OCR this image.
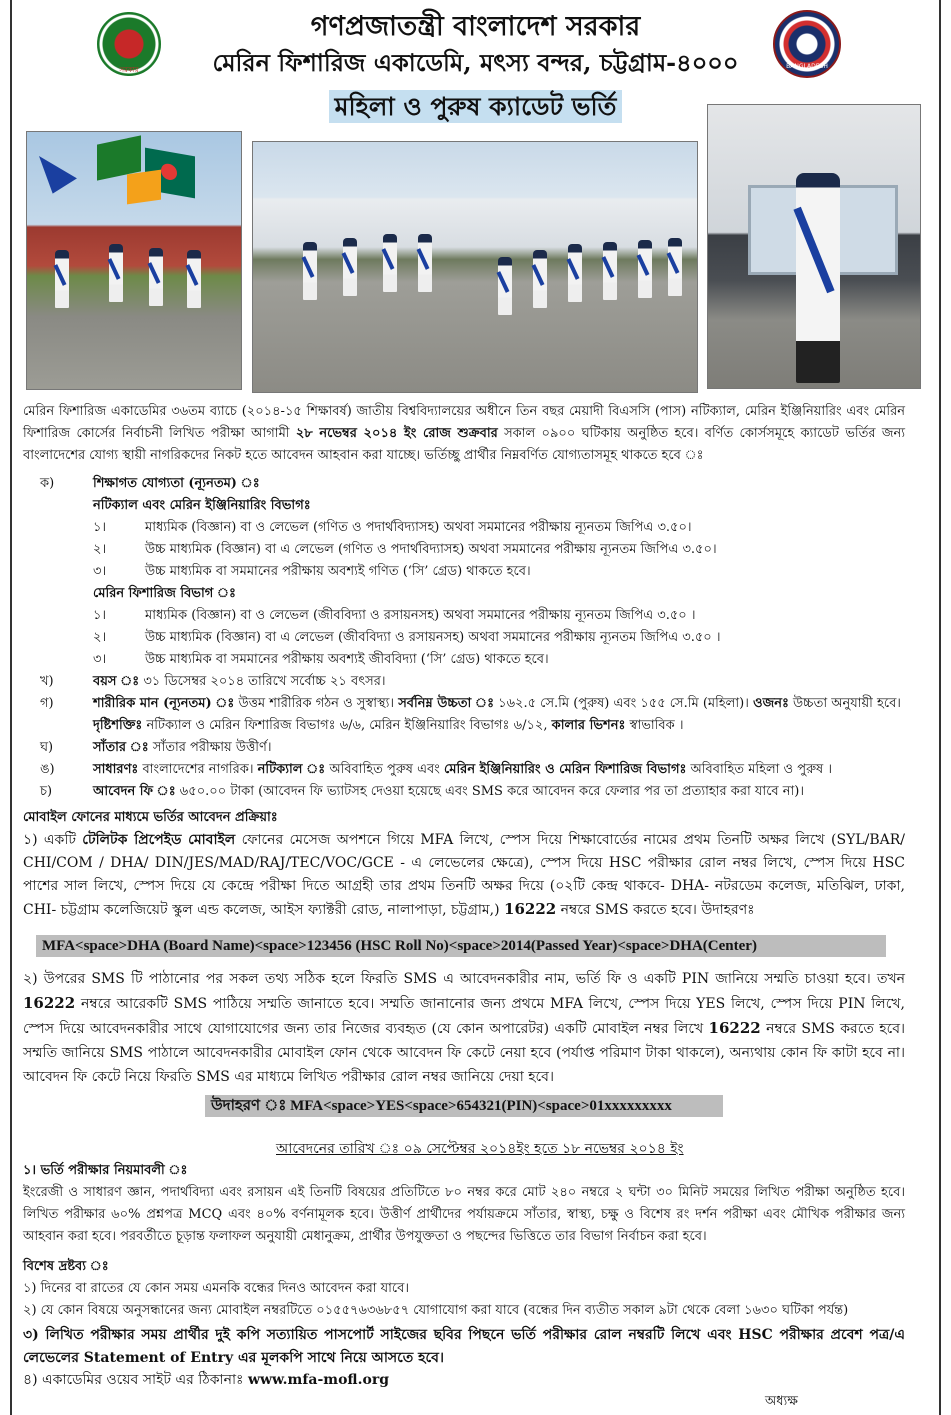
সরকার	BANGLADESH
গণপ্রজাতন্ত্রী বাংলাদেশ সরকার
মেরিন ফিশারিজ একাডেমি, মৎস্য বন্দর, চট্টগ্রাম-৪০০০
মহিলা ও পুরুষ ক্যাডেট ভর্তি
মেরিন ফিশারিজ একাডেমির ৩৬তম ব্যাচে (২০১৪-১৫ শিক্ষাবর্ষ) জাতীয় বিশ্ববিদ্যালয়ের অধীনে তিন বছর মেয়াদী বিএসসি (পাস) নটিক্যাল, মেরিন ইঞ্জিনিয়ারিং এবং মেরিন ফিশারিজ কোর্সের নির্বাচনী লিখিত পরীক্ষা আগামী ২৮ নভেম্বর ২০১৪ ইং রোজ শুক্রবার সকাল ০৯০০ ঘটিকায় অনুষ্ঠিত হবে। বর্ণিত কোর্সসমূহে ক্যাডেট ভর্তির জন্য বাংলাদেশের যোগ্য স্থায়ী নাগরিকদের নিকট হতে আবেদন আহবান করা যাচ্ছে। ভর্তিচ্ছু প্রার্থীর নিম্নবর্ণিত যোগ্যতাসমূহ থাকতে হবে ঃ
ক)	শিক্ষাগত যোগ্যতা (ন্যূনতম) ঃ
নটিক্যাল এবং মেরিন ইঞ্জিনিয়ারিং বিভাগঃ
১।	মাধ্যমিক (বিজ্ঞান) বা ও লেভেল (গণিত ও পদার্থবিদ্যাসহ) অথবা সমমানের পরীক্ষায় ন্যূনতম জিপিএ ৩.৫০।
২।	উচ্চ মাধ্যমিক (বিজ্ঞান) বা এ লেভেল (গণিত ও পদার্থবিদ্যাসহ) অথবা সমমানের পরীক্ষায় ন্যূনতম জিপিএ ৩.৫০।
৩।	উচ্চ মাধ্যমিক বা সমমানের পরীক্ষায় অবশ্যই গণিত (‘সি’ গ্রেড) থাকতে হবে।
মেরিন ফিশারিজ বিভাগ ঃ
১।	মাধ্যমিক (বিজ্ঞান) বা ও লেভেল (জীববিদ্যা ও রসায়নসহ) অথবা সমমানের পরীক্ষায় ন্যূনতম জিপিএ ৩.৫০ ।
২।	উচ্চ মাধ্যমিক (বিজ্ঞান) বা এ লেভেল (জীববিদ্যা ও রসায়নসহ) অথবা সমমানের পরীক্ষায় ন্যূনতম জিপিএ ৩.৫০ ।
৩।	উচ্চ মাধ্যমিক বা সমমানের পরীক্ষায় অবশ্যই জীববিদ্যা (‘সি’ গ্রেড) থাকতে হবে।
খ)	বয়স ঃ ৩১ ডিসেম্বর ২০১৪ তারিখে সর্বোচ্চ ২১ বৎসর।
গ)	শারীরিক মান (ন্যূনতম) ঃ উত্তম শারীরিক গঠন ও সুস্বাস্থ্য। সর্বনিম্ন উচ্চতা ঃ ১৬২.৫ সে.মি (পুরুষ) এবং ১৫৫ সে.মি (মহিলা)। ওজনঃ উচ্চতা অনুযায়ী হবে।
দৃষ্টিশক্তিঃ নটিক্যাল ও মেরিন ফিশারিজ বিভাগঃ ৬/৬, মেরিন ইঞ্জিনিয়ারিং বিভাগঃ ৬/১২, কালার ভিশনঃ স্বাভাবিক ।
ঘ)	সাঁতার ঃ সাঁতার পরীক্ষায় উত্তীর্ণ।
ঙ)	সাধারণঃ বাংলাদেশের নাগরিক। নটিক্যাল ঃ অবিবাহিত পুরুষ এবং মেরিন ইঞ্জিনিয়ারিং ও মেরিন ফিশারিজ বিভাগঃ অবিবাহিত মহিলা ও পুরুষ ।
চ)	আবেদন ফি ঃ ৬৫০.০০ টাকা (আবেদন ফি ভ্যাটসহ দেওয়া হয়েছে এবং SMS করে আবেদন করে ফেলার পর তা প্রত্যাহার করা যাবে না)।
মোবাইল ফোনের মাধ্যমে ভর্তির আবেদন প্রক্রিয়াঃ
১) একটি টেলিটক প্রিপেইড মোবাইল ফোনের মেসেজ অপশনে গিয়ে MFA লিখে, স্পেস দিয়ে শিক্ষাবোর্ডের নামের প্রথম তিনটি অক্ষর লিখে (SYL/BAR/ CHI/COM / DHA/ DIN/JES/MAD/RAJ/TEC/VOC/GCE - এ লেভেলের ক্ষেত্রে), স্পেস দিয়ে HSC পরীক্ষার রোল নম্বর লিখে, স্পেস দিয়ে HSC পাশের সাল লিখে, স্পেস দিয়ে যে কেন্দ্রে পরীক্ষা দিতে আগ্রহী তার প্রথম তিনটি অক্ষর দিয়ে (০২টি কেন্দ্র থাকবে- DHA- নটরডেম কলেজ, মতিঝিল, ঢাকা, CHI- চট্টগ্রাম কলেজিয়েট স্কুল এন্ড কলেজ, আইস ফ্যাক্টরী রোড, নালাপাড়া, চট্টগ্রাম,) 16222 নম্বরে SMS করতে হবে। উদাহরণঃ
MFA<space>DHA (Board Name)<space>123456 (HSC Roll No)<space>2014(Passed Year)<space>DHA(Center)
২) উপরের SMS টি পাঠানোর পর সকল তথ্য সঠিক হলে ফিরতি SMS এ আবেদনকারীর নাম, ভর্তি ফি ও একটি PIN জানিয়ে সম্মতি চাওয়া হবে। তখন 16222 নম্বরে আরেকটি SMS পাঠিয়ে সম্মতি জানাতে হবে। সম্মতি জানানোর জন্য প্রথমে MFA লিখে, স্পেস দিয়ে YES লিখে, স্পেস দিয়ে PIN লিখে, স্পেস দিয়ে আবেদনকারীর সাথে যোগাযোগের জন্য তার নিজের ব্যবহৃত (যে কোন অপারেটর) একটি মোবাইল নম্বর লিখে 16222 নম্বরে SMS করতে হবে। সম্মতি জানিয়ে SMS পাঠালে আবেদনকারীর মোবাইল ফোন থেকে আবেদন ফি কেটে নেয়া হবে (পর্যাপ্ত পরিমাণ টাকা থাকলে), অন্যথায় কোন ফি কাটা হবে না। আবেদন ফি কেটে নিয়ে ফিরতি SMS এর মাধ্যমে লিখিত পরীক্ষার রোল নম্বর জানিয়ে দেয়া হবে।
উদাহরণ ঃ MFA<space>YES<space>654321(PIN)<space>01xxxxxxxxx
আবেদনের তারিখ ঃ ০৯ সেপ্টেম্বর ২০১৪ইং হতে ১৮ নভেম্বর ২০১৪ ইং
১। ভর্তি পরীক্ষার নিয়মাবলী ঃ
ইংরেজী ও সাধারণ জ্ঞান, পদার্থবিদ্যা এবং রসায়ন এই তিনটি বিষয়ের প্রতিটিতে ৮০ নম্বর করে মোট ২৪০ নম্বরে ২ ঘন্টা ৩০ মিনিট সময়ের লিখিত পরীক্ষা অনুষ্ঠিত হবে। লিখিত পরীক্ষার ৬০% প্রশ্নপত্র MCQ এবং ৪০% বর্ণনামূলক হবে। উত্তীর্ণ প্রার্থীদের পর্যায়ক্রমে সাঁতার, স্বাস্থ্য, চক্ষু ও বিশেষ রং দর্শন পরীক্ষা এবং মৌখিক পরীক্ষার জন্য আহবান করা হবে। পরবর্তীতে চূড়ান্ত ফলাফল অনুযায়ী মেধানুক্রম, প্রার্থীর উপযুক্ততা ও পছন্দের ভিত্তিতে তার বিভাগ নির্বাচন করা হবে।
বিশেষ দ্রষ্টব্য ঃ
১) দিনের বা রাতের যে কোন সময় এমনকি বন্ধের দিনও আবেদন করা যাবে।
২) যে কোন বিষয়ে অনুসন্ধানের জন্য মোবাইল নম্বরটিতে ০১৫৫৭৬৩৬৮৫৭ যোগাযোগ করা যাবে (বন্ধের দিন ব্যতীত সকাল ৯টা থেকে বেলা ১৬৩০ ঘটিকা পর্যন্ত)
৩) লিখিত পরীক্ষার সময় প্রার্থীর দুই কপি সত্যায়িত পাসপোর্ট সাইজের ছবির পিছনে ভর্তি পরীক্ষার রোল নম্বরটি লিখে এবং HSC পরীক্ষার প্রবেশ পত্র/এ লেভেলের Statement of Entry এর মূলকপি সাথে নিয়ে আসতে হবে।
৪) একাডেমির ওয়েব সাইট এর ঠিকানাঃ www.mfa-mofl.org
অধ্যক্ষ
